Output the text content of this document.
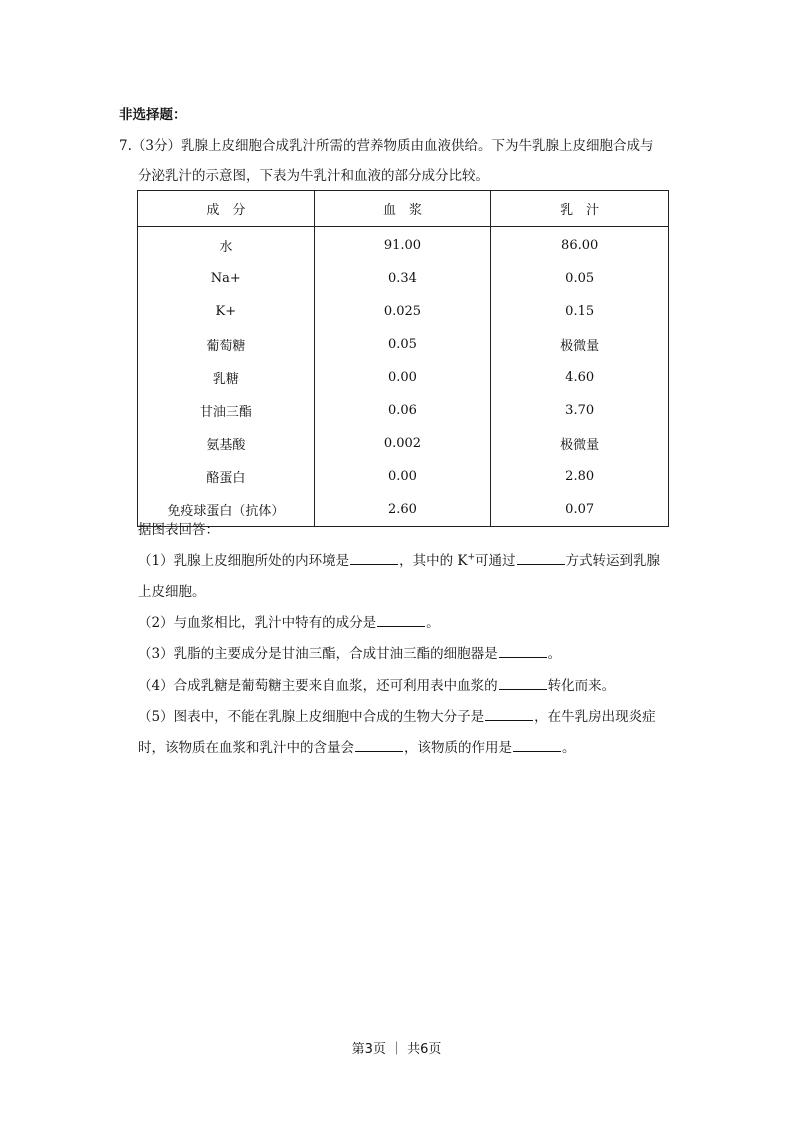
非选择题：
7.（3分）乳腺上皮细胞合成乳汁所需的营养物质由血液供给。下为牛乳腺上皮细胞合成与
分泌乳汁的示意图，下表为牛乳汁和血液的部分成分比较。
成　分	血　浆	乳　汁
水	91.00	86.00
Na+	0.34	0.05
K+	0.025	0.15
葡萄糖	0.05	极微量
乳糖	0.00	4.60
甘油三酯	0.06	3.70
氨基酸	0.002	极微量
酪蛋白	0.00	2.80
免疫球蛋白（抗体）	2.60	0.07
据图表回答：
（1）乳腺上皮细胞所处的内环境是	，其中的 K+可通过	方式转运到乳腺
上皮细胞。
（2）与血浆相比，乳汁中特有的成分是	。
（3）乳脂的主要成分是甘油三酯，合成甘油三酯的细胞器是	。
（4）合成乳糖是葡萄糖主要来自血浆，还可利用表中血浆的	转化而来。
（5）图表中，不能在乳腺上皮细胞中合成的生物大分子是	，在牛乳房出现炎症
时，该物质在血浆和乳汁中的含量会	，该物质的作用是	。
第3页 ｜ 共6页
